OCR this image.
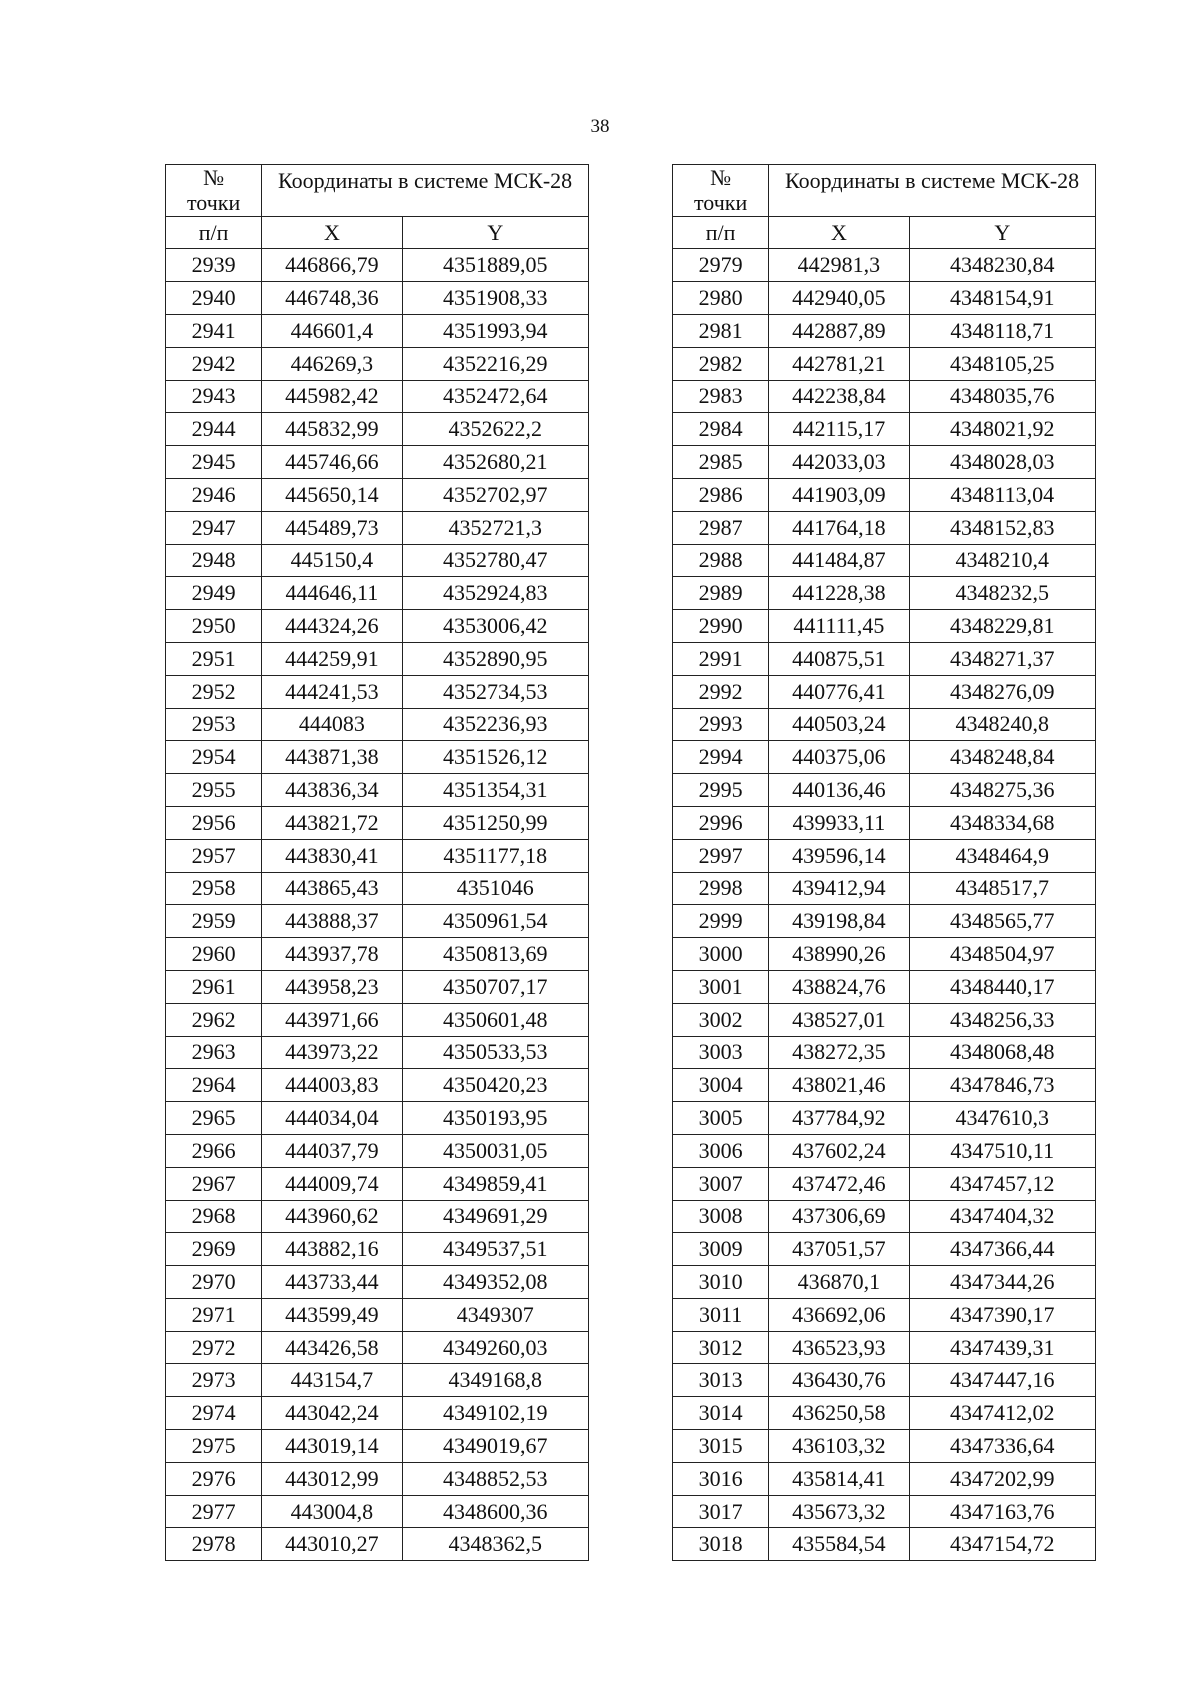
38
№
точки	Координаты в системе МСК-28	

п/п	X	Y
2939	446866,79	4351889,05
2940	446748,36	4351908,33
2941	446601,4	4351993,94
2942	446269,3	4352216,29
2943	445982,42	4352472,64
2944	445832,99	4352622,2
2945	445746,66	4352680,21
2946	445650,14	4352702,97
2947	445489,73	4352721,3
2948	445150,4	4352780,47
2949	444646,11	4352924,83
2950	444324,26	4353006,42
2951	444259,91	4352890,95
2952	444241,53	4352734,53
2953	444083	4352236,93
2954	443871,38	4351526,12
2955	443836,34	4351354,31
2956	443821,72	4351250,99
2957	443830,41	4351177,18
2958	443865,43	4351046
2959	443888,37	4350961,54
2960	443937,78	4350813,69
2961	443958,23	4350707,17
2962	443971,66	4350601,48
2963	443973,22	4350533,53
2964	444003,83	4350420,23
2965	444034,04	4350193,95
2966	444037,79	4350031,05
2967	444009,74	4349859,41
2968	443960,62	4349691,29
2969	443882,16	4349537,51
2970	443733,44	4349352,08
2971	443599,49	4349307
2972	443426,58	4349260,03
2973	443154,7	4349168,8
2974	443042,24	4349102,19
2975	443019,14	4349019,67
2976	443012,99	4348852,53
2977	443004,8	4348600,36
2978	443010,27	4348362,5
№
точки	Координаты в системе МСК-28	

п/п	X	Y
2979	442981,3	4348230,84
2980	442940,05	4348154,91
2981	442887,89	4348118,71
2982	442781,21	4348105,25
2983	442238,84	4348035,76
2984	442115,17	4348021,92
2985	442033,03	4348028,03
2986	441903,09	4348113,04
2987	441764,18	4348152,83
2988	441484,87	4348210,4
2989	441228,38	4348232,5
2990	441111,45	4348229,81
2991	440875,51	4348271,37
2992	440776,41	4348276,09
2993	440503,24	4348240,8
2994	440375,06	4348248,84
2995	440136,46	4348275,36
2996	439933,11	4348334,68
2997	439596,14	4348464,9
2998	439412,94	4348517,7
2999	439198,84	4348565,77
3000	438990,26	4348504,97
3001	438824,76	4348440,17
3002	438527,01	4348256,33
3003	438272,35	4348068,48
3004	438021,46	4347846,73
3005	437784,92	4347610,3
3006	437602,24	4347510,11
3007	437472,46	4347457,12
3008	437306,69	4347404,32
3009	437051,57	4347366,44
3010	436870,1	4347344,26
3011	436692,06	4347390,17
3012	436523,93	4347439,31
3013	436430,76	4347447,16
3014	436250,58	4347412,02
3015	436103,32	4347336,64
3016	435814,41	4347202,99
3017	435673,32	4347163,76
3018	435584,54	4347154,72
